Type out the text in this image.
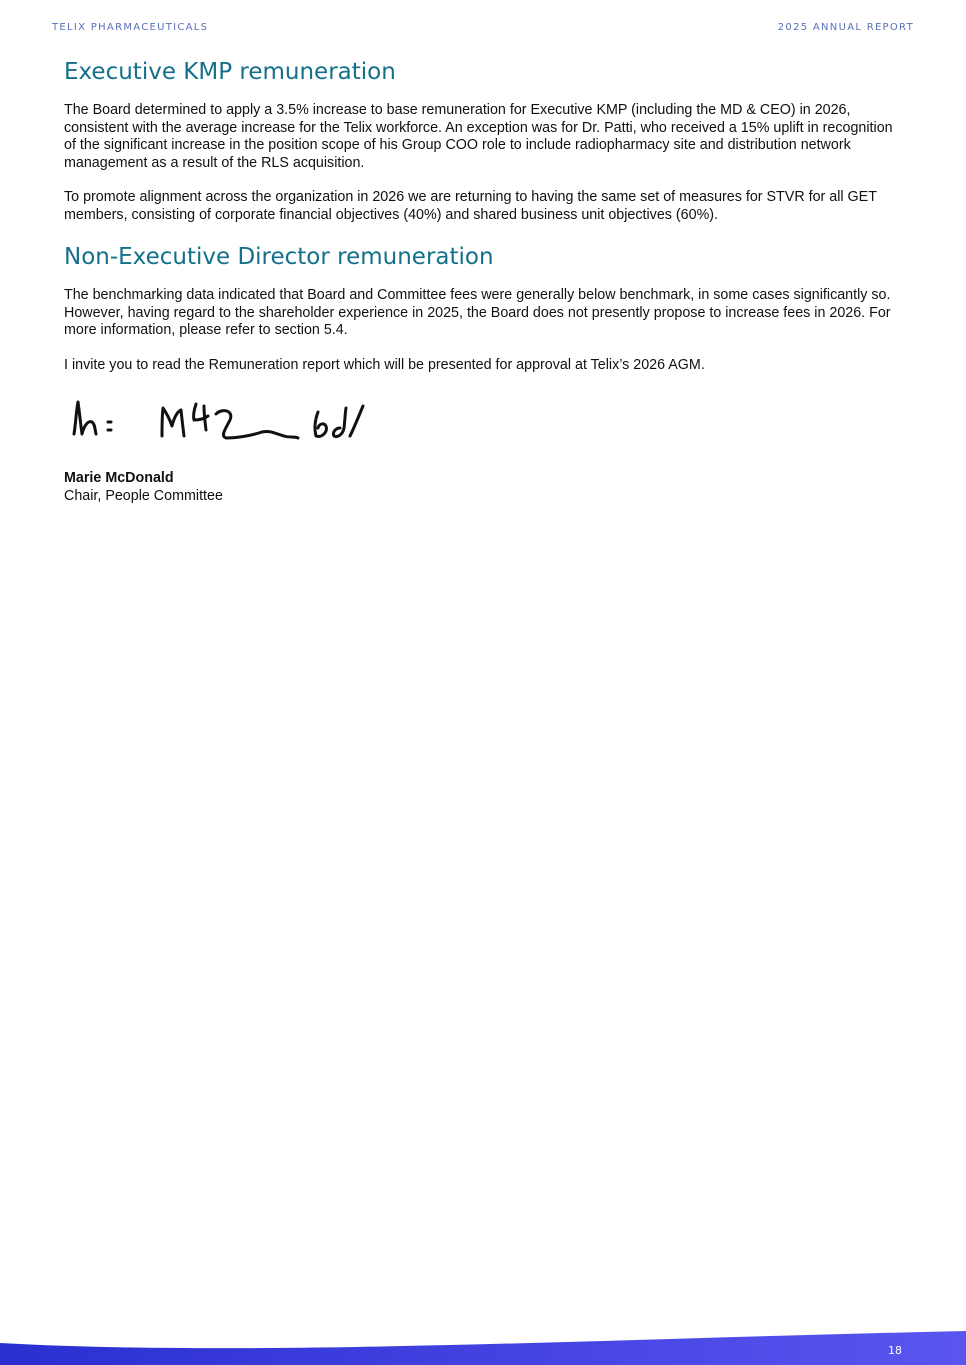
TELIX PHARMACEUTICALS	2025 ANNUAL REPORT
Executive KMP remuneration

The Board determined to apply a 3.5% increase to base remuneration for Executive KMP (including the MD & CEO) in 2026, consistent with the average increase for the Telix workforce. An exception was for Dr. Patti, who received a 15% uplift in recognition of the significant increase in the position scope of his Group COO role to include radiopharmacy site and distribution network management as a result of the RLS acquisition.

To promote alignment across the organization in 2026 we are returning to having the same set of measures for STVR for all GET members, consisting of corporate financial objectives (40%) and shared business unit objectives (60%).

Non-Executive Director remuneration

The benchmarking data indicated that Board and Committee fees were generally below benchmark, in some cases significantly so. However, having regard to the shareholder experience in 2025, the Board does not presently propose to increase fees in 2026. For more information, please refer to section 5.4.

I invite you to read the Remuneration report which will be presented for approval at Telix’s 2026 AGM.

Marie McDonald
Chair, People Committee
18
